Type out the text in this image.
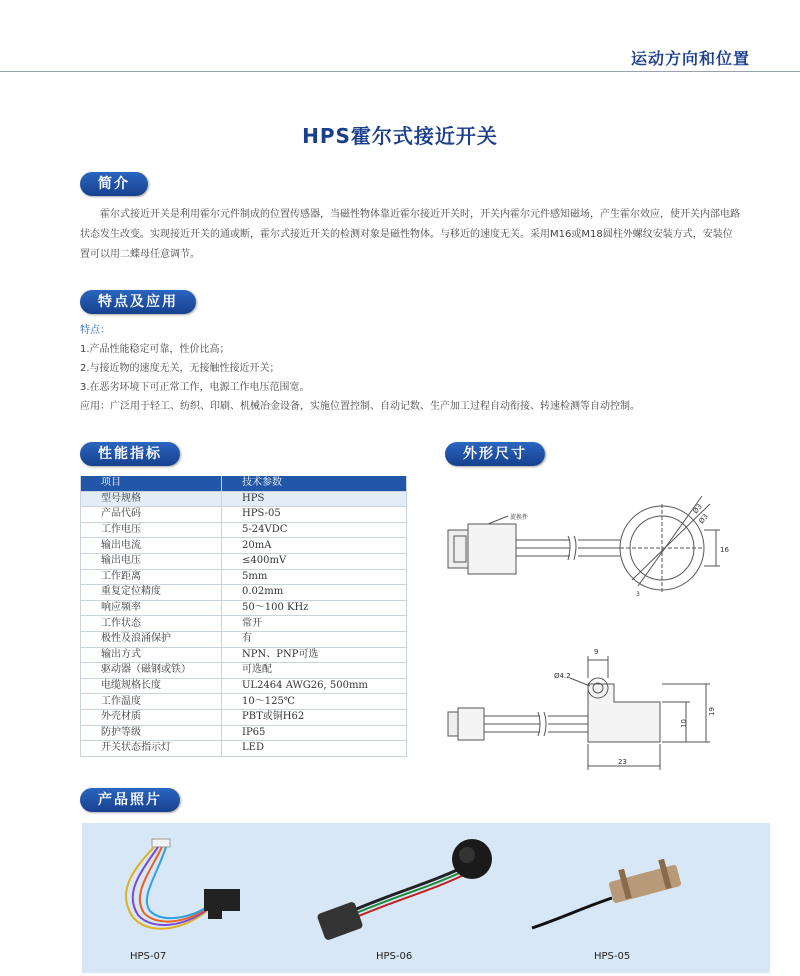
运动方向和位置
HPS霍尔式接近开关
简介
霍尔式接近开关是利用霍尔元件制成的位置传感器，当磁性物体靠近霍尔接近开关时，开关内霍尔元件感知磁场，产生霍尔效应，使开关内部电路状态发生改变。实现接近开关的通或断，霍尔式接近开关的检测对象是磁性物体。与移近的速度无关。采用M16或M18圆柱外螺纹安装方式，安装位置可以用二蝶母任意调节。
特点及应用
特点：
1.产品性能稳定可靠，性价比高；
2.与接近物的速度无关，无接触性接近开关；
3.在恶劣环境下可正常工作，电源工作电压范围宽。
应用：广泛用于轻工、纺织、印刷、机械冶金设备，实施位置控制、自动记数、生产加工过程自动衔接、转速检测等自动控制。
性能指标
项目	技术参数
型号规格	HPS
产品代码	HPS-05
工作电压	5-24VDC
输出电流	20mA
输出电压	≤400mV
工作距离	5mm
重复定位精度	0.02mm
响应频率	50～100 KHz
工作状态	常开
极性及浪涌保护	有
输出方式	NPN、PNP可选
驱动器（磁钢或铁）	可选配
电缆规格长度	UL2464 AWG26, 500mm
工作温度	10～125℃
外壳材质	PBT或铜H62
防护等级	IP65
开关状态指示灯	LED
外形尺寸
旋换件
Ø3
Ø3
16
3
9
Ø4.2
19
10
23
产品照片
HPS-07	HPS-06	HPS-05
